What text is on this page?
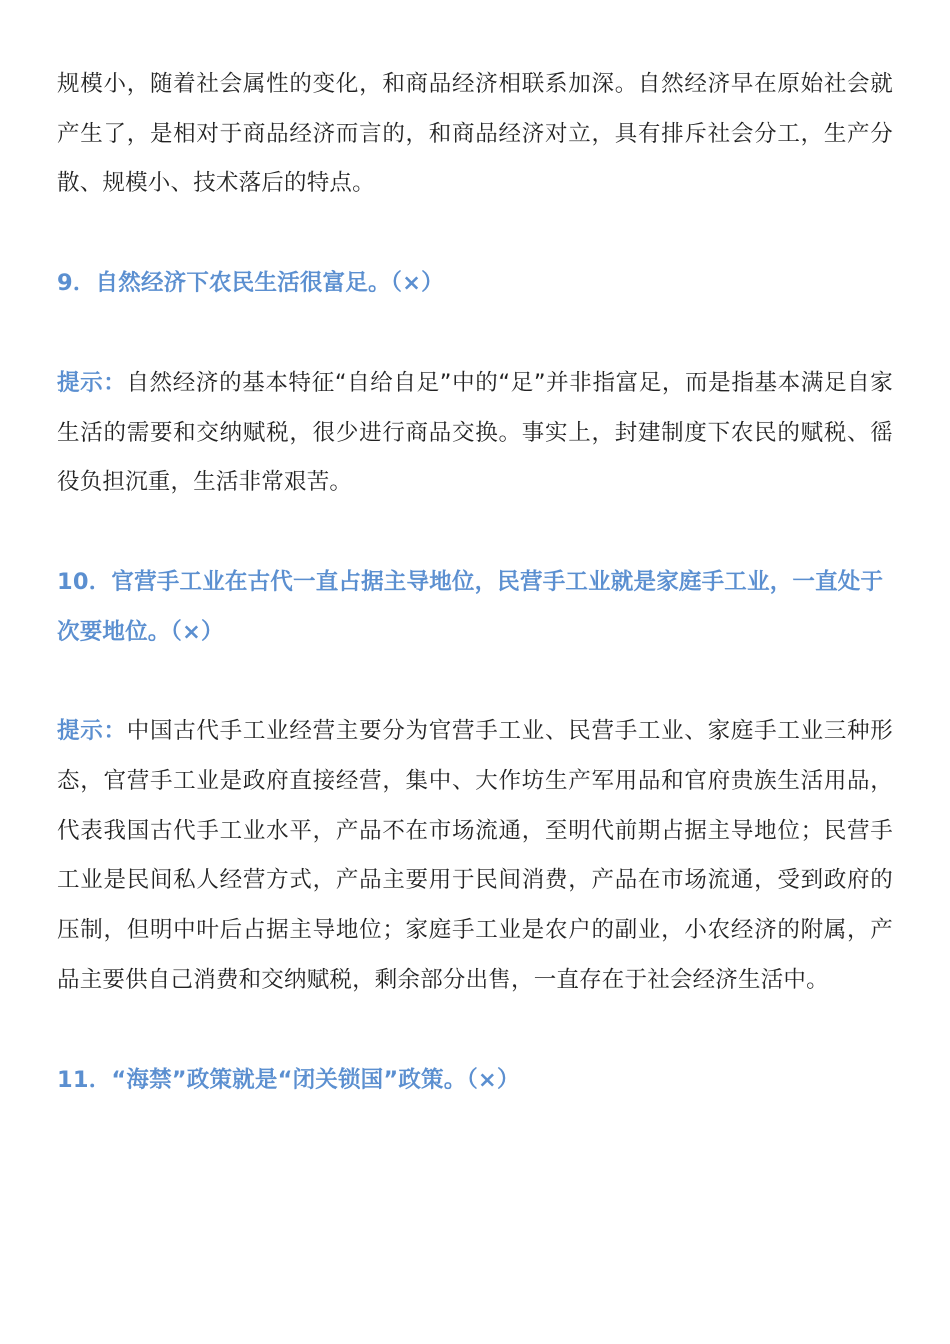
规模小，随着社会属性的变化，和商品经济相联系加深。自然经济早在原始社会就产生了，是相对于商品经济而言的，和商品经济对立，具有排斥社会分工，生产分散、规模小、技术落后的特点。

9．自然经济下农民生活很富足。（×）

提示：自然经济的基本特征“自给自足”中的“足”并非指富足，而是指基本满足自家生活的需要和交纳赋税，很少进行商品交换。事实上，封建制度下农民的赋税、徭役负担沉重，生活非常艰苦。

10．官营手工业在古代一直占据主导地位，民营手工业就是家庭手工业，一直处于次要地位。（×）

提示：中国古代手工业经营主要分为官营手工业、民营手工业、家庭手工业三种形态，官营手工业是政府直接经营，集中、大作坊生产军用品和官府贵族生活用品，代表我国古代手工业水平，产品不在市场流通，至明代前期占据主导地位；民营手工业是民间私人经营方式，产品主要用于民间消费，产品在市场流通，受到政府的压制，但明中叶后占据主导地位；家庭手工业是农户的副业，小农经济的附属，产品主要供自己消费和交纳赋税，剩余部分出售，一直存在于社会经济生活中。

11．“海禁”政策就是“闭关锁国”政策。（×）
